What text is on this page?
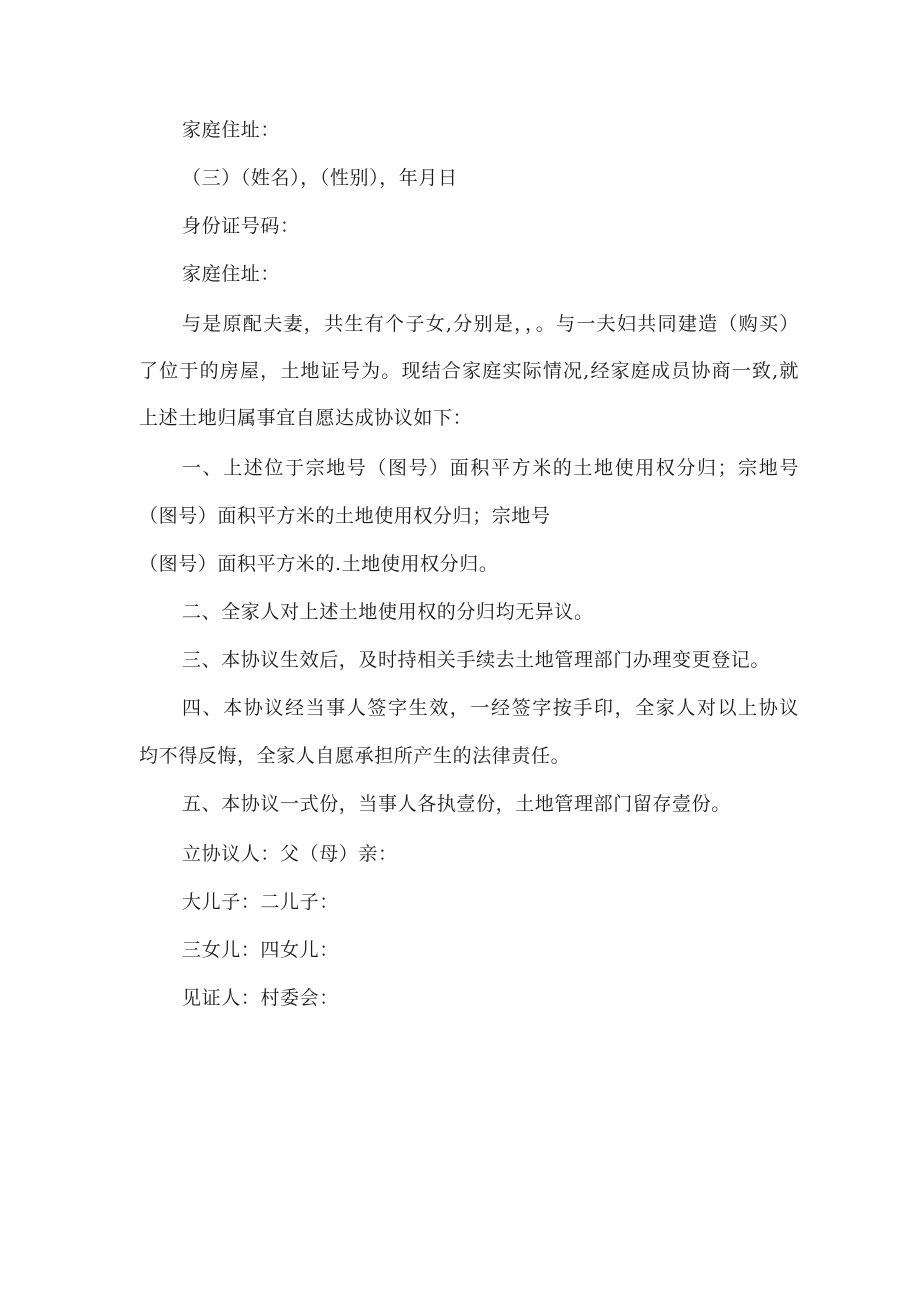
家庭住址：
（三）（姓名），（性别），年月日
身份证号码：
家庭住址：
与是原配夫妻，共生有个子女,分别是，，。与一夫妇共同建造（购买）
了位于的房屋，土地证号为。现结合家庭实际情况,经家庭成员协商一致,就
上述土地归属事宜自愿达成协议如下：
一、上述位于宗地号（图号）面积平方米的土地使用权分归；宗地号
（图号）面积平方米的土地使用权分归；宗地号
（图号）面积平方米的.土地使用权分归。
二、全家人对上述土地使用权的分归均无异议。
三、本协议生效后，及时持相关手续去土地管理部门办理变更登记。
四、本协议经当事人签字生效，一经签字按手印，全家人对以上协议
均不得反悔，全家人自愿承担所产生的法律责任。
五、本协议一式份，当事人各执壹份，土地管理部门留存壹份。
立协议人：父（母）亲：
大儿子：二儿子：
三女儿：四女儿：
见证人：村委会：
